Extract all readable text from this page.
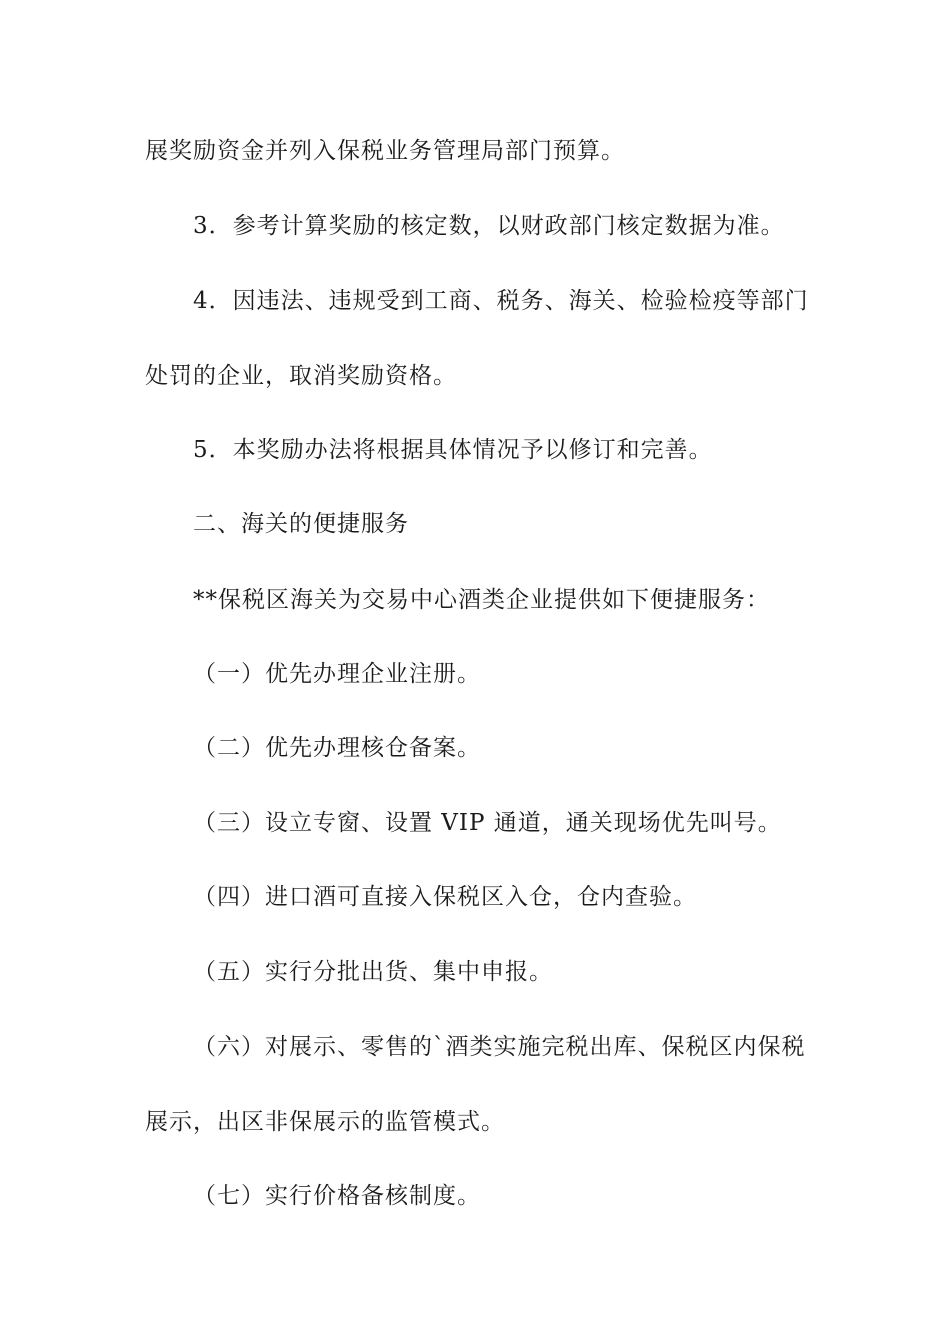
展奖励资金并列入保税业务管理局部门预算。
3．参考计算奖励的核定数，以财政部门核定数据为准。
4．因违法、违规受到工商、税务、海关、检验检疫等部门
处罚的企业，取消奖励资格。
5．本奖励办法将根据具体情况予以修订和完善。
二、海关的便捷服务
**保税区海关为交易中心酒类企业提供如下便捷服务：
（一）优先办理企业注册。
（二）优先办理核仓备案。
（三）设立专窗、设置 VIP 通道，通关现场优先叫号。
（四）进口酒可直接入保税区入仓，仓内查验。
（五）实行分批出货、集中申报。
（六）对展示、零售的`酒类实施完税出库、保税区内保税
展示，出区非保展示的监管模式。
（七）实行价格备核制度。
